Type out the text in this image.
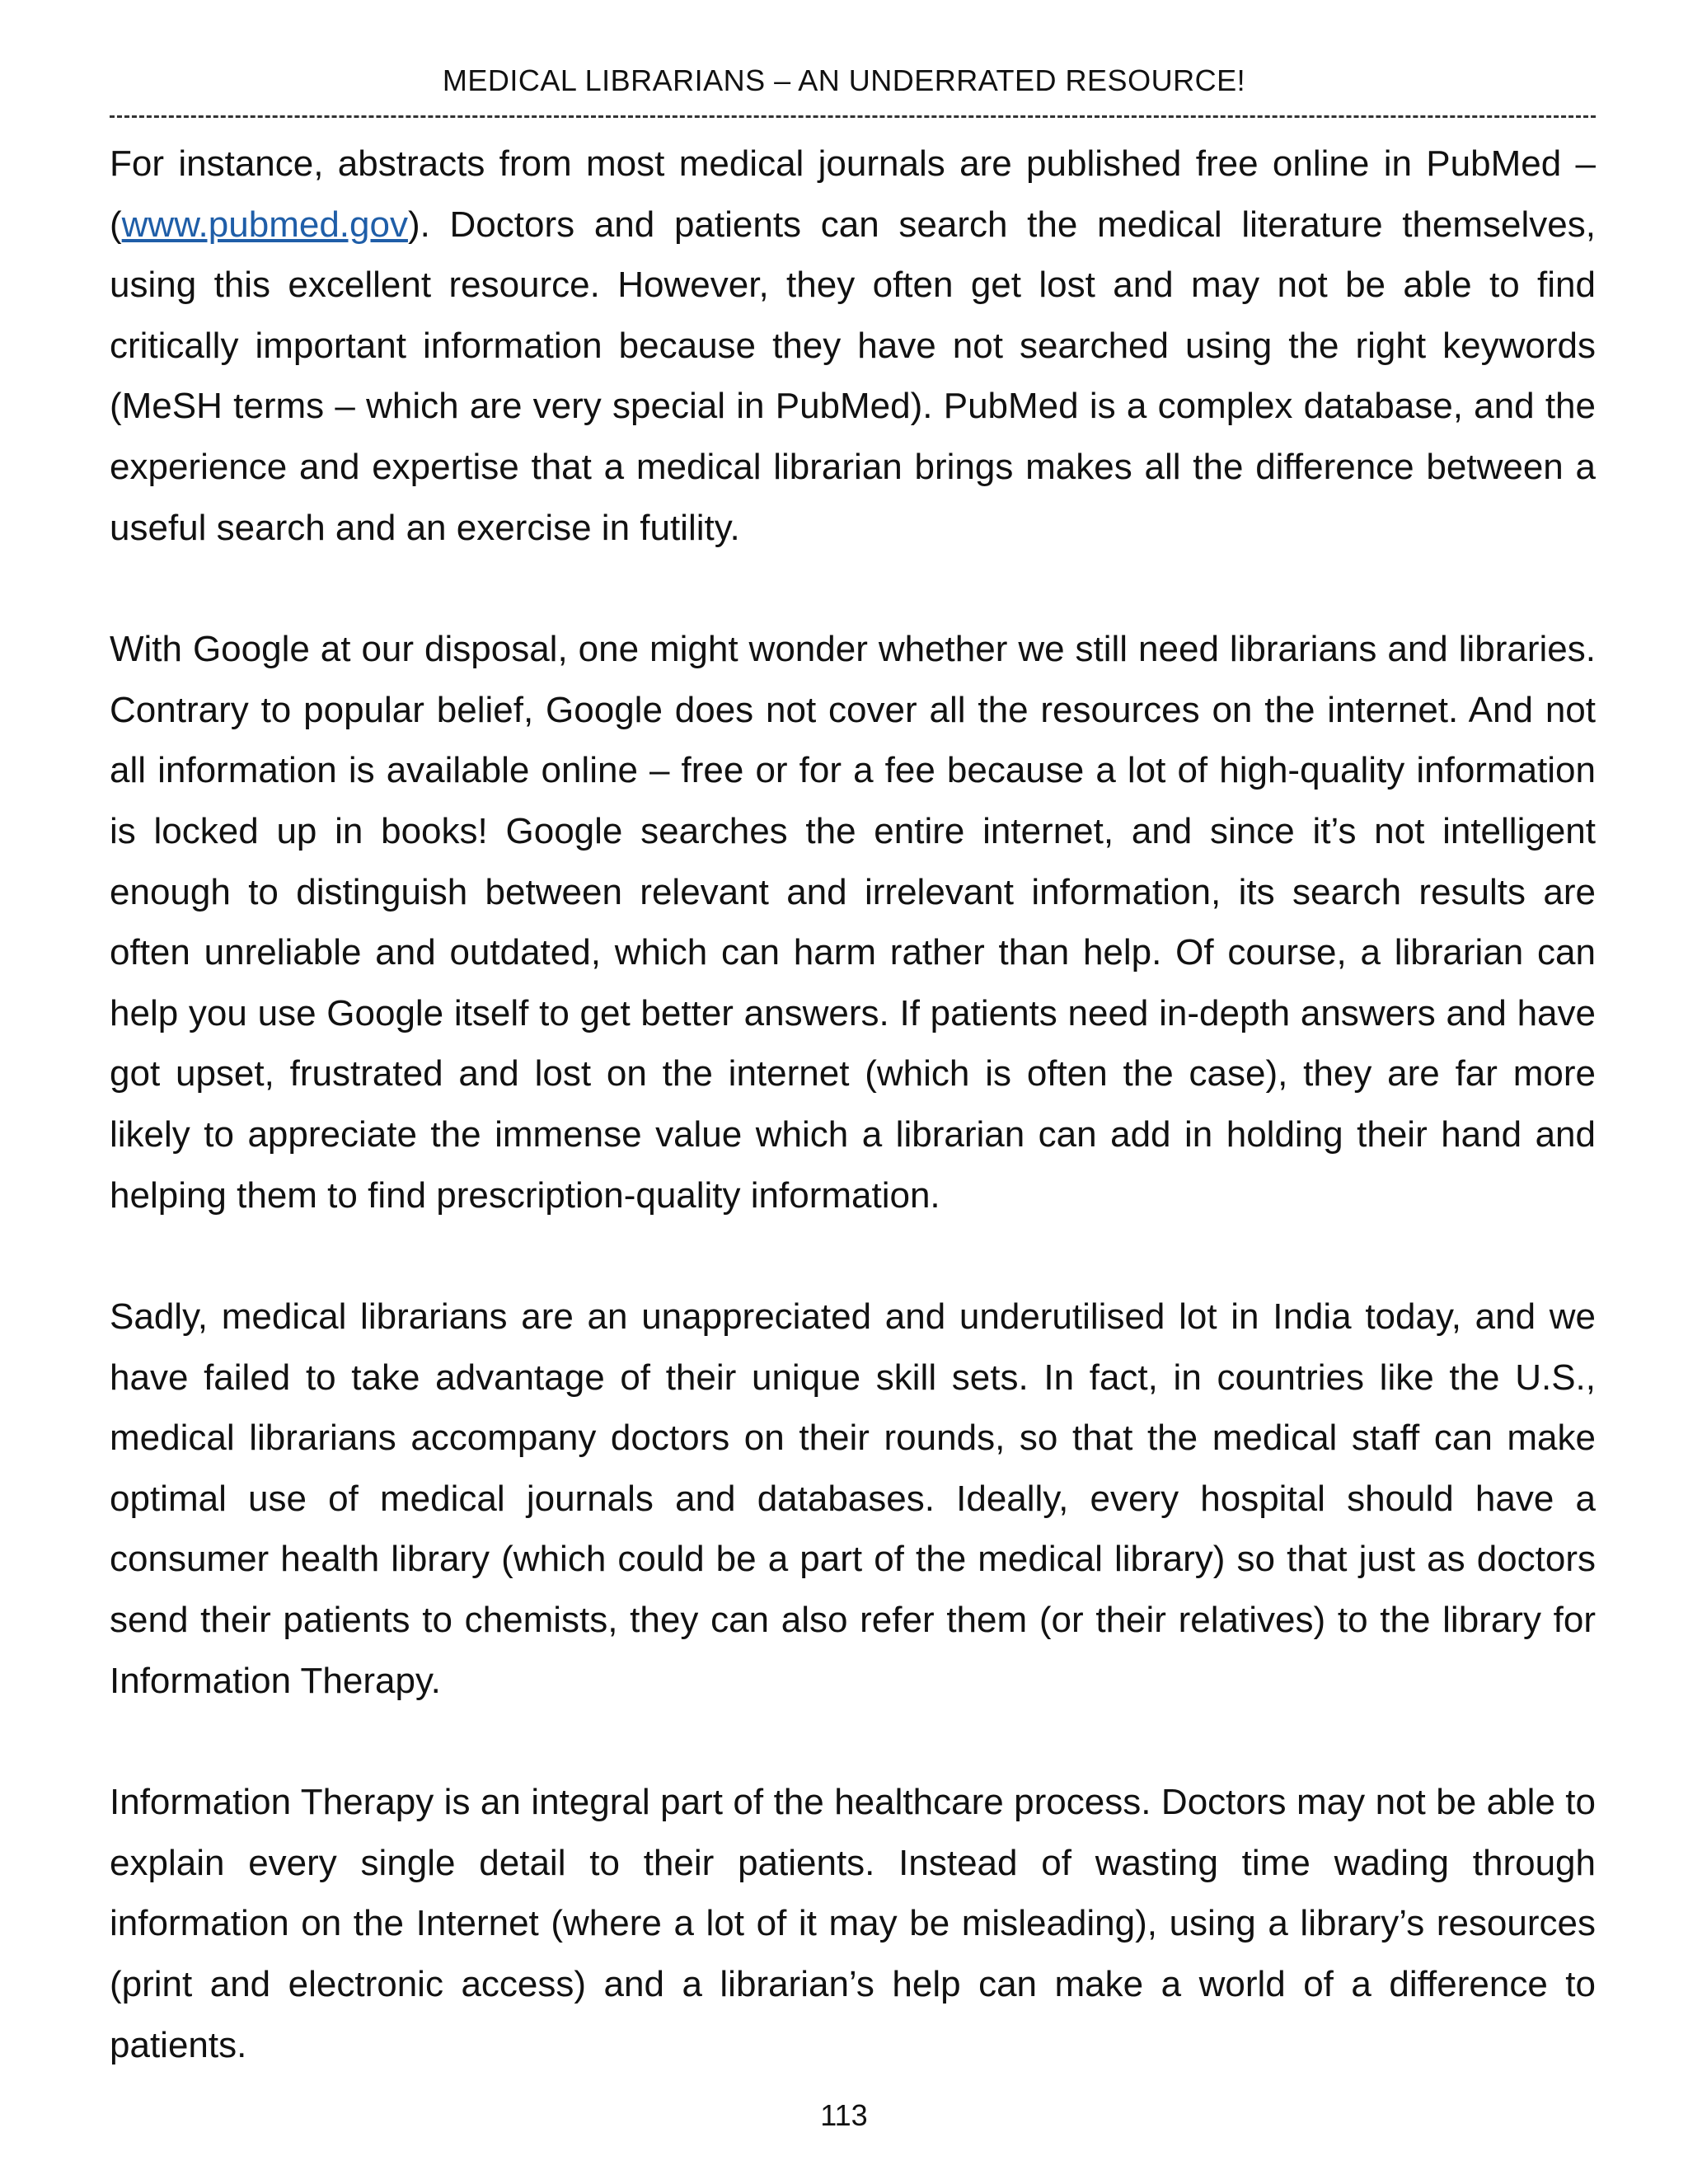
MEDICAL LIBRARIANS – AN UNDERRATED RESOURCE!

For instance, abstracts from most medical journals are published free online in PubMed – (www.pubmed.gov). Doctors and patients can search the medical literature themselves, using this excellent resource. However, they often get lost and may not be able to find critically important information because they have not searched using the right keywords (MeSH terms – which are very special in PubMed). PubMed is a complex database, and the experience and expertise that a medical librarian brings makes all the difference between a useful search and an exercise in futility.

With Google at our disposal, one might wonder whether we still need librarians and libraries. Contrary to popular belief, Google does not cover all the resources on the internet. And not all information is available online – free or for a fee because a lot of high-quality information is locked up in books! Google searches the entire internet, and since it’s not intelligent enough to distinguish between relevant and irrelevant information, its search results are often unreliable and outdated, which can harm rather than help. Of course, a librarian can help you use Google itself to get better answers. If patients need in-depth answers and have got upset, frustrated and lost on the internet (which is often the case), they are far more likely to appreciate the immense value which a librarian can add in holding their hand and helping them to find prescription-quality information.

Sadly, medical librarians are an unappreciated and underutilised lot in India today, and we have failed to take advantage of their unique skill sets. In fact, in countries like the U.S., medical librarians accompany doctors on their rounds, so that the medical staff can make optimal use of medical journals and databases. Ideally, every hospital should have a consumer health library (which could be a part of the medical library) so that just as doctors send their patients to chemists, they can also refer them (or their relatives) to the library for Information Therapy.

Information Therapy is an integral part of the healthcare process. Doctors may not be able to explain every single detail to their patients. Instead of wasting time wading through information on the Internet (where a lot of it may be misleading), using a library’s resources (print and electronic access) and a librarian’s help can make a world of a difference to patients.

113
